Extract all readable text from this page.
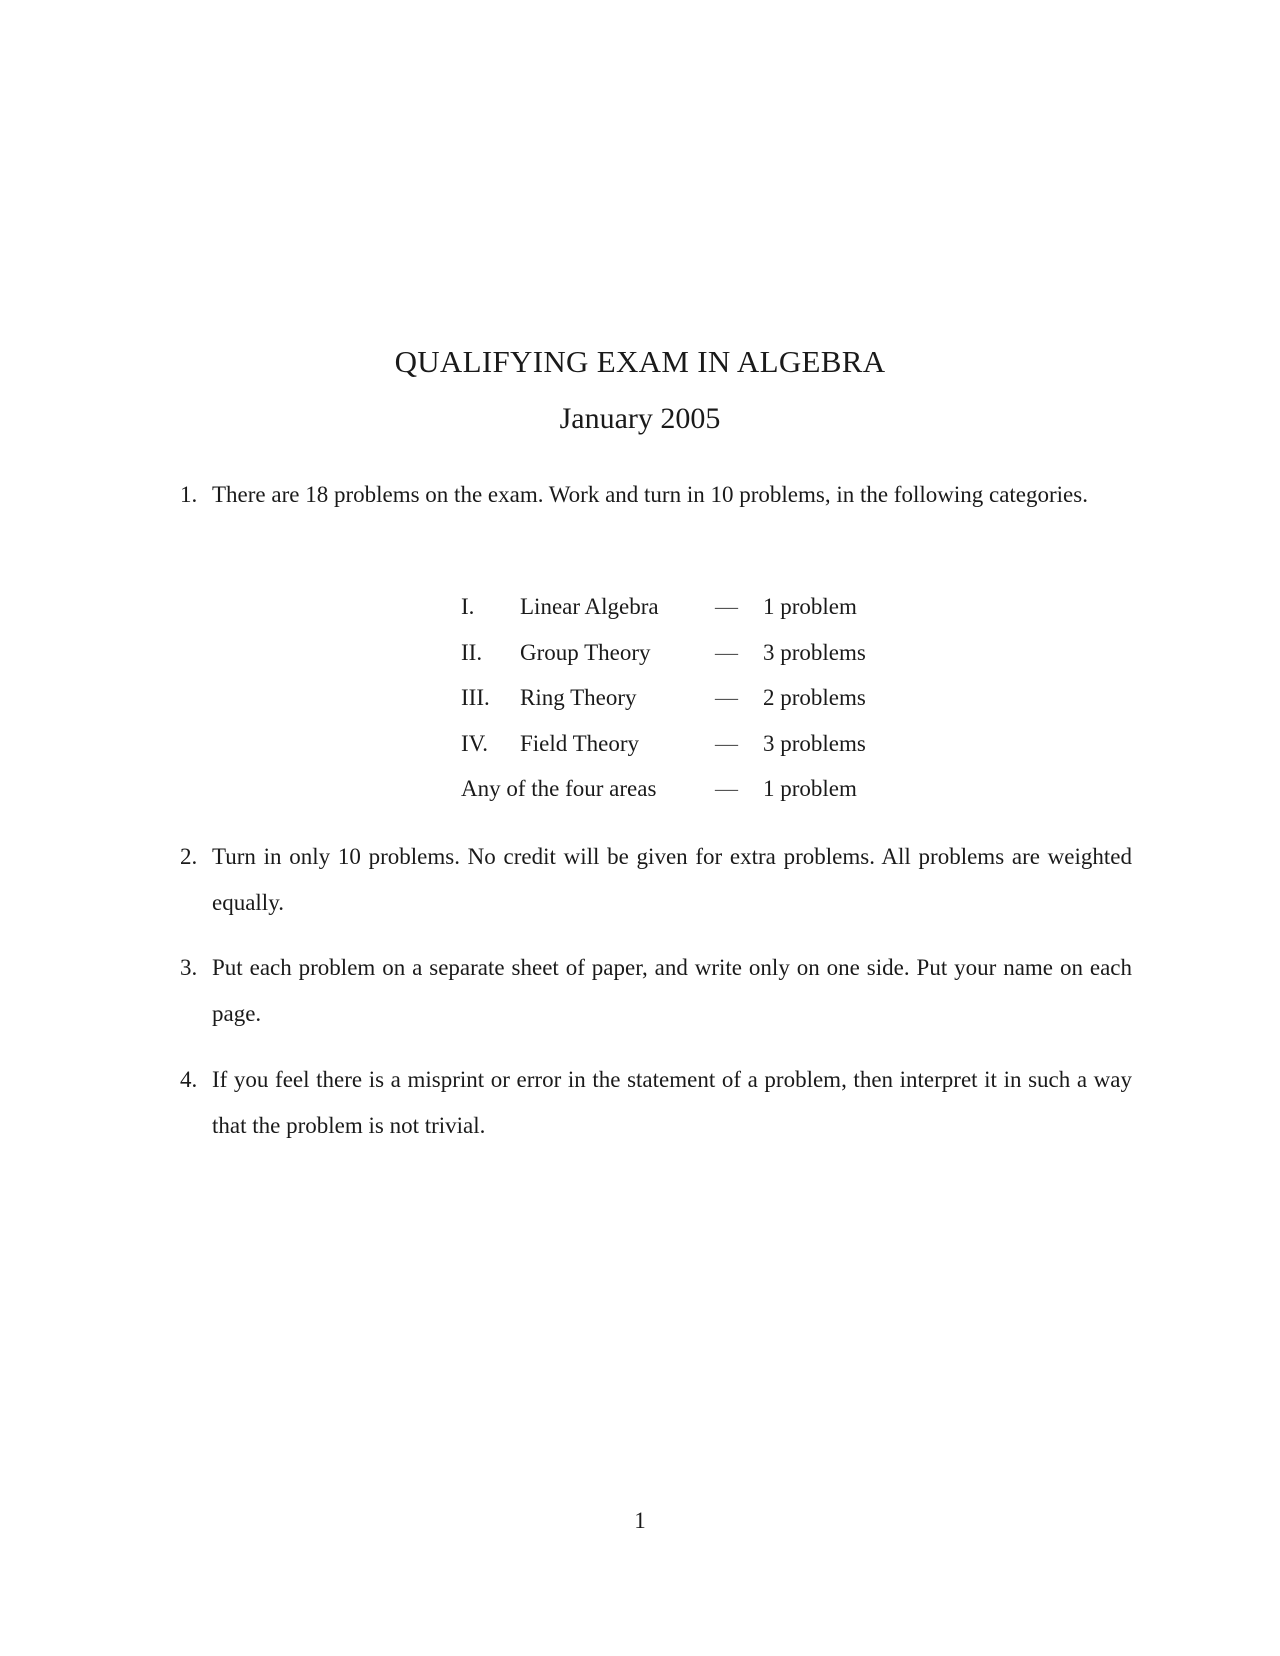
QUALIFYING EXAM IN ALGEBRA
January 2005
1. There are 18 problems on the exam. Work and turn in 10 problems, in the following categories.
I. Linear Algebra — 1 problem
II. Group Theory	— 3 problems
III. Ring Theory	— 2 problems
IV. Field Theory	— 3 problems
Any of the four areas	— 1 problem
2. Turn in only 10 problems. No credit will be given for extra problems. All problems are weighted equally.
3. Put each problem on a separate sheet of paper, and write only on one side. Put your name on each page.
4. If you feel there is a misprint or error in the statement of a problem, then interpret it in such a way that the problem is not trivial.
1
